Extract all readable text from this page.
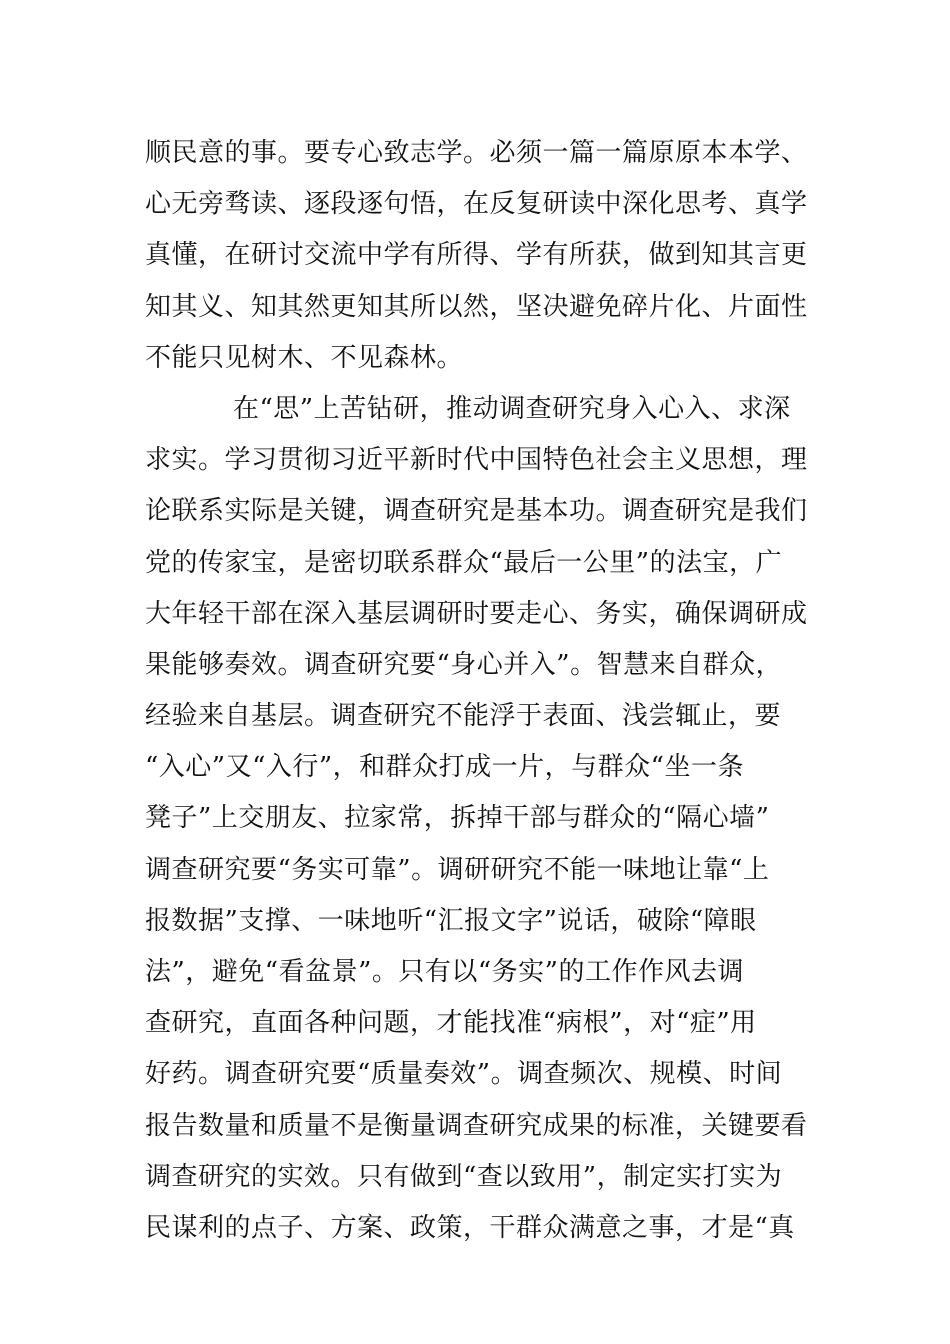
顺民意的事。要专心致志学。必须一篇一篇原原本本学、
心无旁骛读、逐段逐句悟，在反复研读中深化思考、真学
真懂，在研讨交流中学有所得、学有所获，做到知其言更
知其义、知其然更知其所以然，坚决避免碎片化、片面性
不能只见树木、不见森林。
在“思”上苦钻研，推动调查研究身入心入、求深
求实。学习贯彻习近平新时代中国特色社会主义思想，理
论联系实际是关键，调查研究是基本功。调查研究是我们
党的传家宝，是密切联系群众“最后一公里”的法宝，广
大年轻干部在深入基层调研时要走心、务实，确保调研成
果能够奏效。调查研究要“身心并入”。智慧来自群众，
经验来自基层。调查研究不能浮于表面、浅尝辄止，要
“入心”又“入行”，和群众打成一片，与群众“坐一条
凳子”上交朋友、拉家常，拆掉干部与群众的“隔心墙”
调查研究要“务实可靠”。调研研究不能一味地让靠“上
报数据”支撑、一味地听“汇报文字”说话，破除“障眼
法”，避免“看盆景”。只有以“务实”的工作作风去调
查研究，直面各种问题，才能找准“病根”，对“症”用
好药。调查研究要“质量奏效”。调查频次、规模、时间
报告数量和质量不是衡量调查研究成果的标准，关键要看
调查研究的实效。只有做到“查以致用”，制定实打实为
民谋利的点子、方案、政策，干群众满意之事，才是“真
